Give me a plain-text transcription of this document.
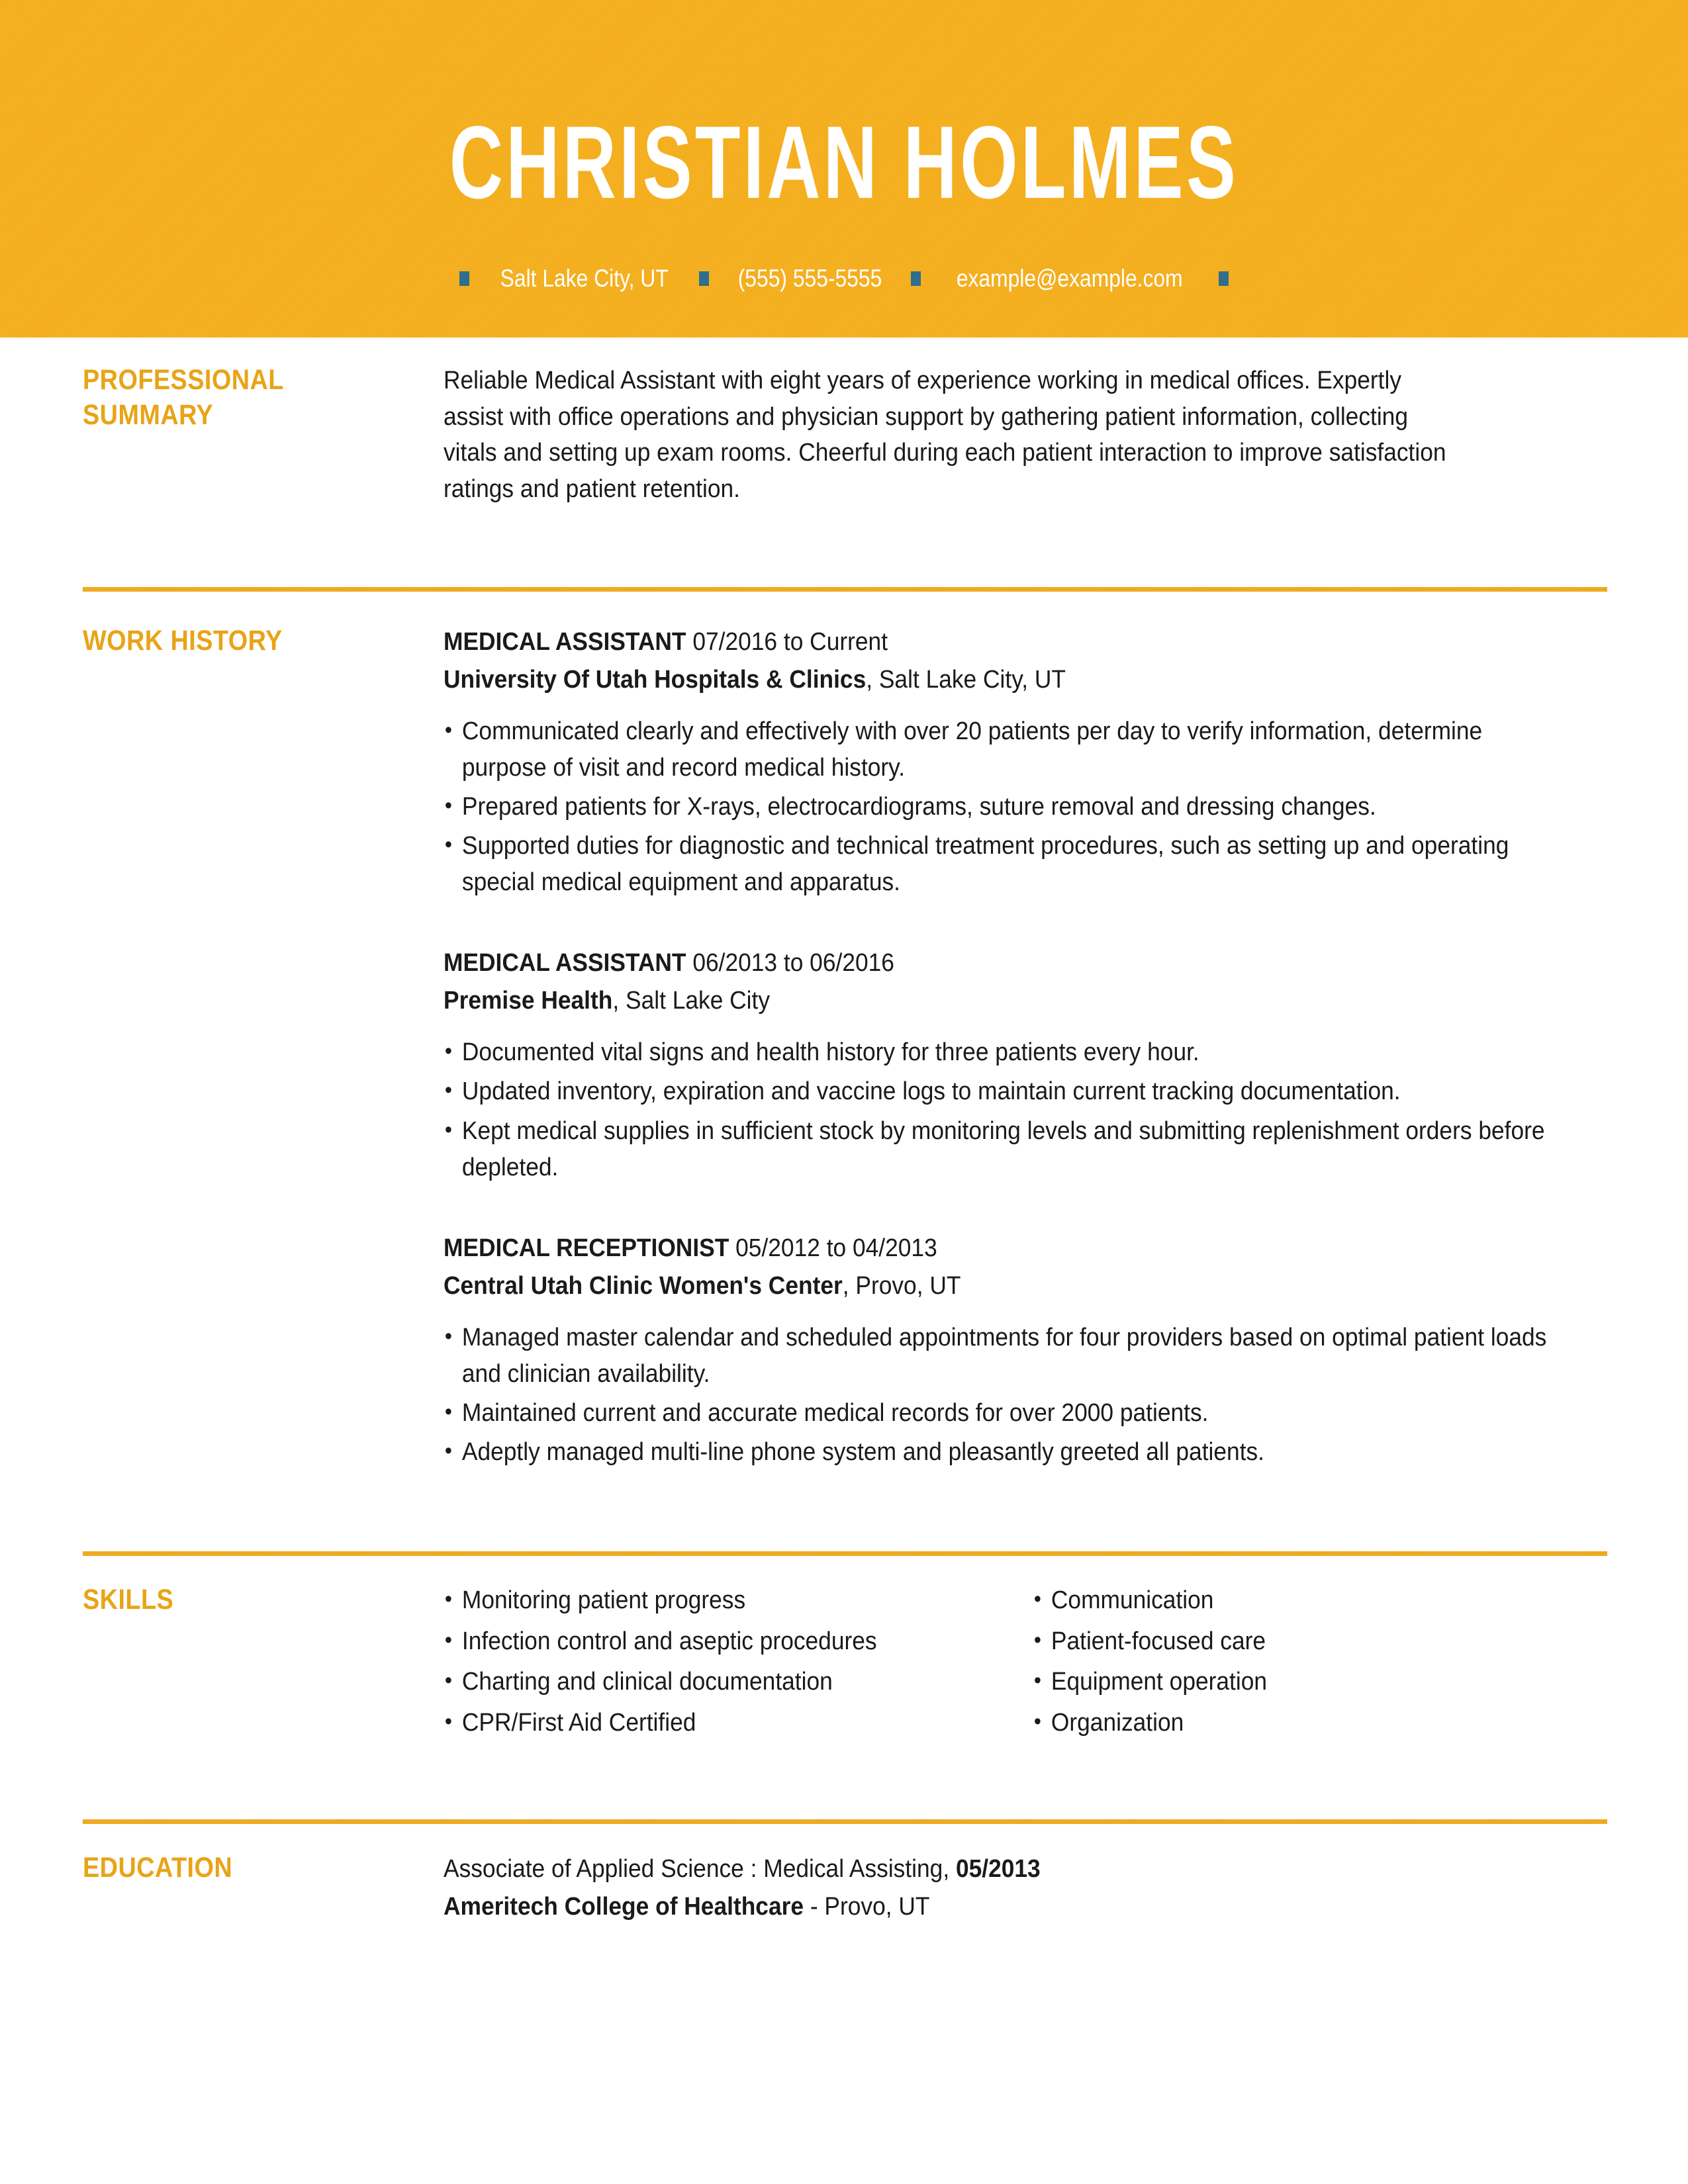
CHRISTIAN HOLMES
Salt Lake City, UT	(555) 555-5555	example@example.com
PROFESSIONAL SUMMARY
Reliable Medical Assistant with eight years of experience working in medical offices. Expertly assist with office operations and physician support by gathering patient information, collecting vitals and setting up exam rooms. Cheerful during each patient interaction to improve satisfaction ratings and patient retention.
WORK HISTORY	MEDICAL ASSISTANT 07/2016 to Current
University Of Utah Hospitals & Clinics, Salt Lake City, UT
• Communicated clearly and effectively with over 20 patients per day to verify information, determine purpose of visit and record medical history.
• Prepared patients for X-rays, electrocardiograms, suture removal and dressing changes.
• Supported duties for diagnostic and technical treatment procedures, such as setting up and operating special medical equipment and apparatus.
MEDICAL ASSISTANT 06/2013 to 06/2016
Premise Health, Salt Lake City
• Documented vital signs and health history for three patients every hour.
• Updated inventory, expiration and vaccine logs to maintain current tracking documentation.
• Kept medical supplies in sufficient stock by monitoring levels and submitting replenishment orders before depleted.
MEDICAL RECEPTIONIST 05/2012 to 04/2013
Central Utah Clinic Women's Center, Provo, UT
• Managed master calendar and scheduled appointments for four providers based on optimal patient loads and clinician availability.
• Maintained current and accurate medical records for over 2000 patients.
• Adeptly managed multi-line phone system and pleasantly greeted all patients.
SKILLS	• Monitoring patient progress
• Infection control and aseptic procedures
• Charting and clinical documentation
• CPR/First Aid Certified
• Communication
• Patient-focused care
• Equipment operation
• Organization
EDUCATION	Associate of Applied Science : Medical Assisting, 05/2013
Ameritech College of Healthcare - Provo, UT
